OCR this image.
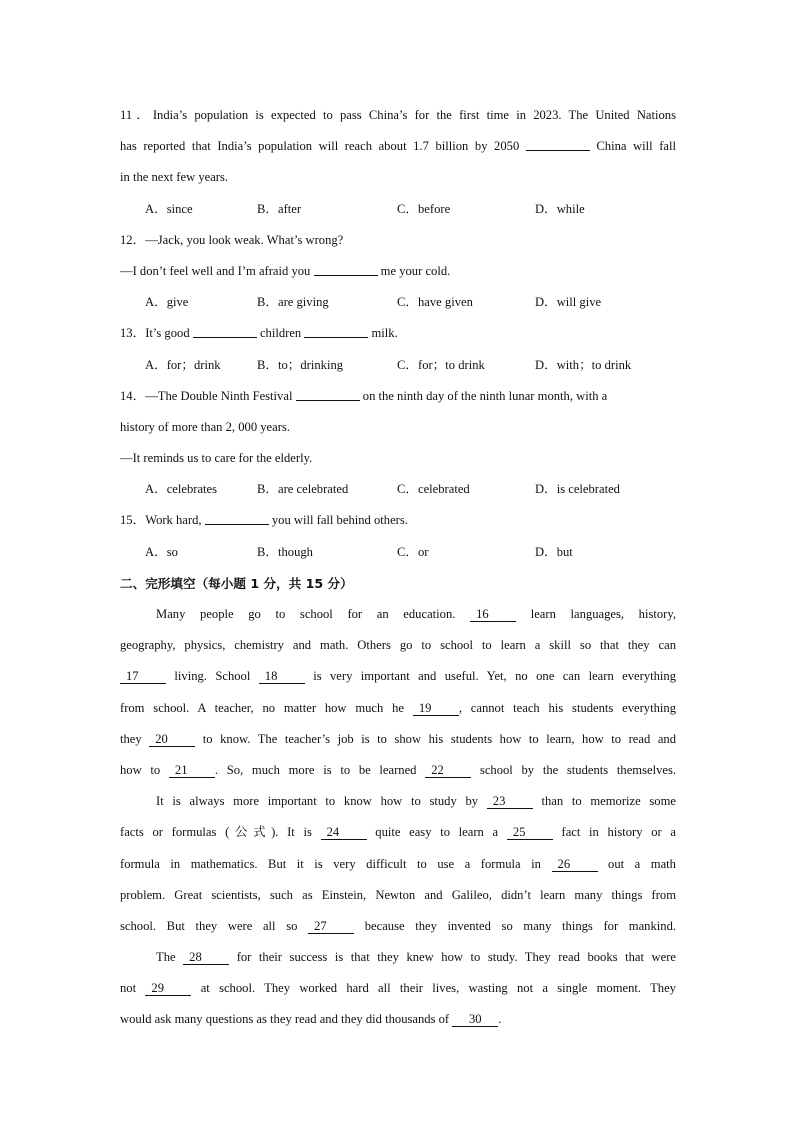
11．India’s population is expected to pass China’s for the first time in 2023. The United Nations
has reported that India’s population will reach about 1.7 billion by 2050	China will fall
in the next few years.
A．since	B．after	C．before	D．while
12．—Jack, you look weak. What’s wrong?
—I don’t feel well and I’m afraid you	me your cold.
A．give	B．are giving	C．have given	D．will give
13．It’s good	children	milk.
A．for；drink	B．to；drinking	C．for；to drink	D．with；to drink
14．—The Double Ninth Festival	on the ninth day of the ninth lunar month, with a
history of more than 2, 000 years.
—It reminds us to care for the elderly.
A．celebrates	B．are celebrated	C．celebrated	D．is celebrated
15．Work hard,	you will fall behind others.
A．so	B．though	C．or	D．but
二、完形填空（每小题 1 分，共 15 分）
Many people go to school for an education. 16	learn languages, history,
geography, physics, chemistry and math. Others go to school to learn a skill so that they can
17	living. School 18	is very important and useful. Yet, no one can learn everything
from school. A teacher, no matter how much he 19 , cannot teach his students everything
they 20	to know. The teacher’s job is to show his students how to learn, how to read and
how to 21 . So, much more is to be learned 22	school by the students themselves.
It is always more important to know how to study by 23	than to memorize some
facts or formulas (公式). It is 24	quite easy to learn a 25	fact in history or a
formula in mathematics. But it is very difficult to use a formula in 26	out a math
problem. Great scientists, such as Einstein, Newton and Galileo, didn’t learn many things from
school. But they were all so 27	because they invented so many things for mankind.
The 28	for their success is that they knew how to study. They read books that were
not 29	at school. They worked hard all their lives, wasting not a single moment. They
would ask many questions as they read and they did thousands of 30 .
